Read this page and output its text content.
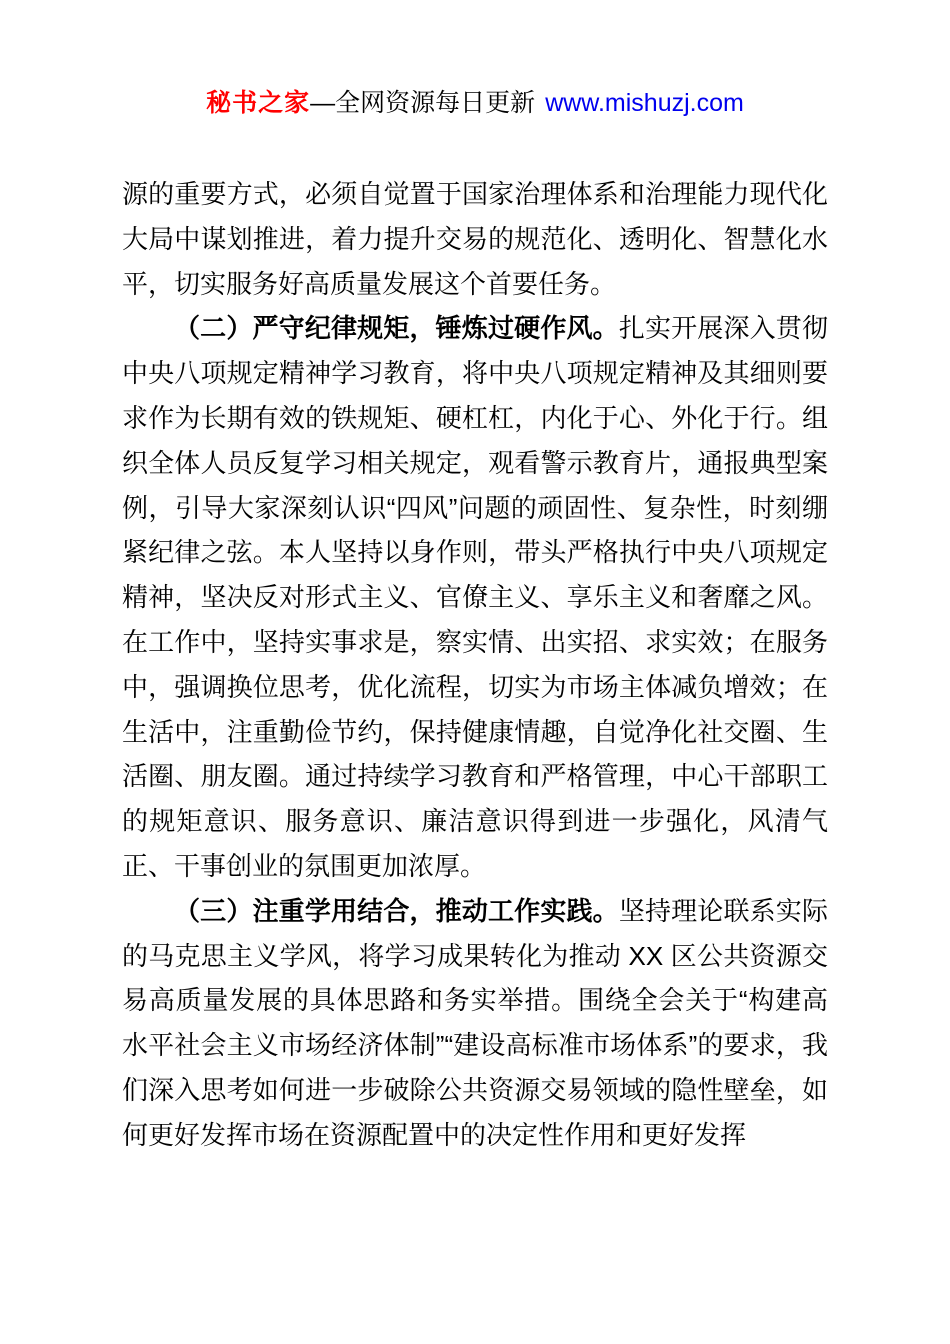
秘书之家—全网资源每日更新 www.mishuzj.com

源的重要方式，必须自觉置于国家治理体系和治理能力现代化大局中谋划推进，着力提升交易的规范化、透明化、智慧化水平，切实服务好高质量发展这个首要任务。

（二）严守纪律规矩，锤炼过硬作风。扎实开展深入贯彻中央八项规定精神学习教育，将中央八项规定精神及其细则要求作为长期有效的铁规矩、硬杠杠，内化于心、外化于行。组织全体人员反复学习相关规定，观看警示教育片，通报典型案例，引导大家深刻认识“四风”问题的顽固性、复杂性，时刻绷紧纪律之弦。本人坚持以身作则，带头严格执行中央八项规定精神，坚决反对形式主义、官僚主义、享乐主义和奢靡之风。在工作中，坚持实事求是，察实情、出实招、求实效；在服务中，强调换位思考，优化流程，切实为市场主体减负增效；在生活中，注重勤俭节约，保持健康情趣，自觉净化社交圈、生活圈、朋友圈。通过持续学习教育和严格管理，中心干部职工的规矩意识、服务意识、廉洁意识得到进一步强化，风清气正、干事创业的氛围更加浓厚。

（三）注重学用结合，推动工作实践。坚持理论联系实际的马克思主义学风，将学习成果转化为推动 XX 区公共资源交易高质量发展的具体思路和务实举措。围绕全会关于“构建高水平社会主义市场经济体制”“建设高标准市场体系”的要求，我们深入思考如何进一步破除公共资源交易领域的隐性壁垒，如何更好发挥市场在资源配置中的决定性作用和更好发挥
